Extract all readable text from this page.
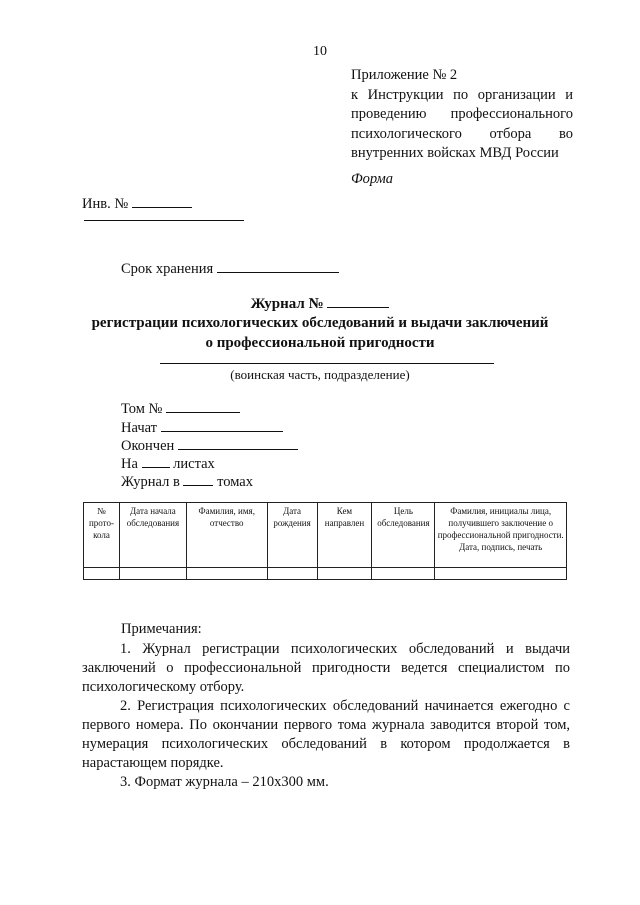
10
Приложение № 2
к Инструкции по организации и
проведению профессионального
психологического отбора во
внутренних войсках МВД России
Форма
Инв. №
Срок хранения
Журнал №
регистрации психологических обследований и выдачи заключений
о профессиональной пригодности
(воинская часть, подразделение)
Том №
Начат
Окончен
На листах
Журнал в	томах
№ прото-кола	Дата начала обследования	Фамилия, имя, отчество	Дата рождения	Кем направлен	Цель обследования	Фамилия, инициалы лица, получившего заключение о профессиональной пригодности. Дата, подпись, печать

Примечания:

1. Журнал регистрации психологических обследований и выдачи заключений о профессиональной пригодности ведется специалистом по психологическому отбору.

2. Регистрация психологических обследований начинается ежегодно с первого номера. По окончании первого тома журнала заводится второй том, нумерация психологических обследований в котором продолжается в нарастающем порядке.

3. Формат журнала – 210х300 мм.
